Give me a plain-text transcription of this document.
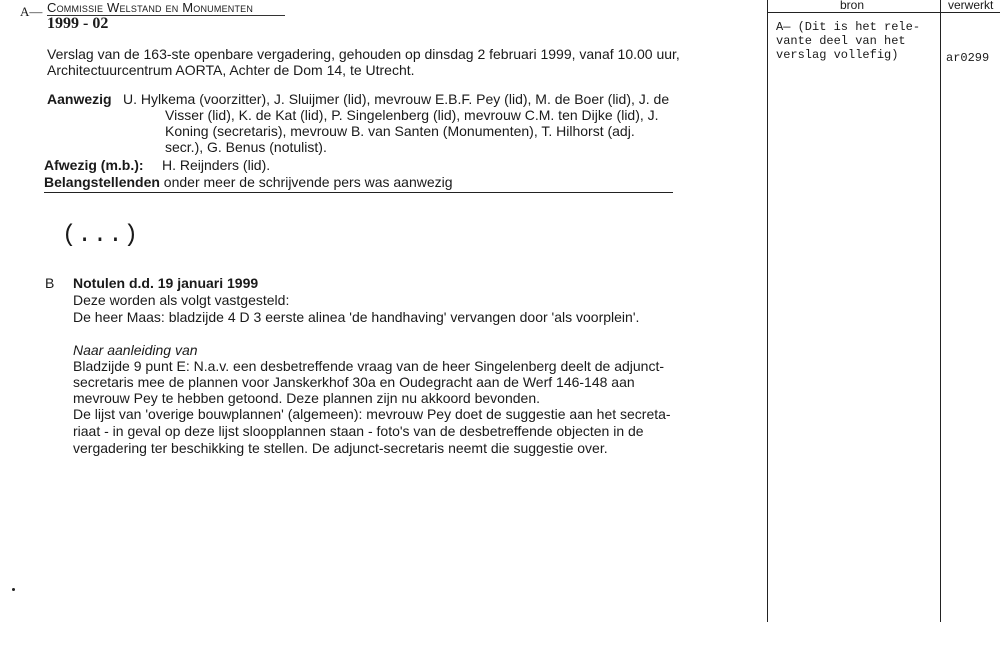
A— Commissie Welstand en Monumenten
1999 - 02
Verslag van de 163-ste openbare vergadering, gehouden op dinsdag 2 februari 1999, vanaf 10.00 uur,
Architectuurcentrum AORTA, Achter de Dom 14, te Utrecht.
Aanwezig U. Hylkema (voorzitter), J. Sluijmer (lid), mevrouw E.B.F. Pey (lid), M. de Boer (lid), J. de
Visser (lid), K. de Kat (lid), P. Singelenberg (lid), mevrouw C.M. ten Dijke (lid), J.
Koning (secretaris), mevrouw B. van Santen (Monumenten), T. Hilhorst (adj.
secr.), G. Benus (notulist).
Afwezig (m.b.): H. Reijnders (lid).
Belangstellenden onder meer de schrijvende pers was aanwezig
(...)
B Notulen d.d. 19 januari 1999
Deze worden als volgt vastgesteld:
De heer Maas: bladzijde 4 D 3 eerste alinea 'de handhaving' vervangen door 'als voorplein'.
Naar aanleiding van
Bladzijde 9 punt E: N.a.v. een desbetreffende vraag van de heer Singelenberg deelt de adjunct-
secretaris mee de plannen voor Janskerkhof 30a en Oudegracht aan de Werf 146-148 aan
mevrouw Pey te hebben getoond. Deze plannen zijn nu akkoord bevonden.
De lijst van 'overige bouwplannen' (algemeen): mevrouw Pey doet de suggestie aan het secreta-
riaat - in geval op deze lijst sloopplannen staan - foto's van de desbetreffende objecten in de
vergadering ter beschikking te stellen. De adjunct-secretaris neemt die suggestie over.
bron	verwerkt
A— (Dit is het rele-
vante deel van het
verslag vollefig)	ar0299
